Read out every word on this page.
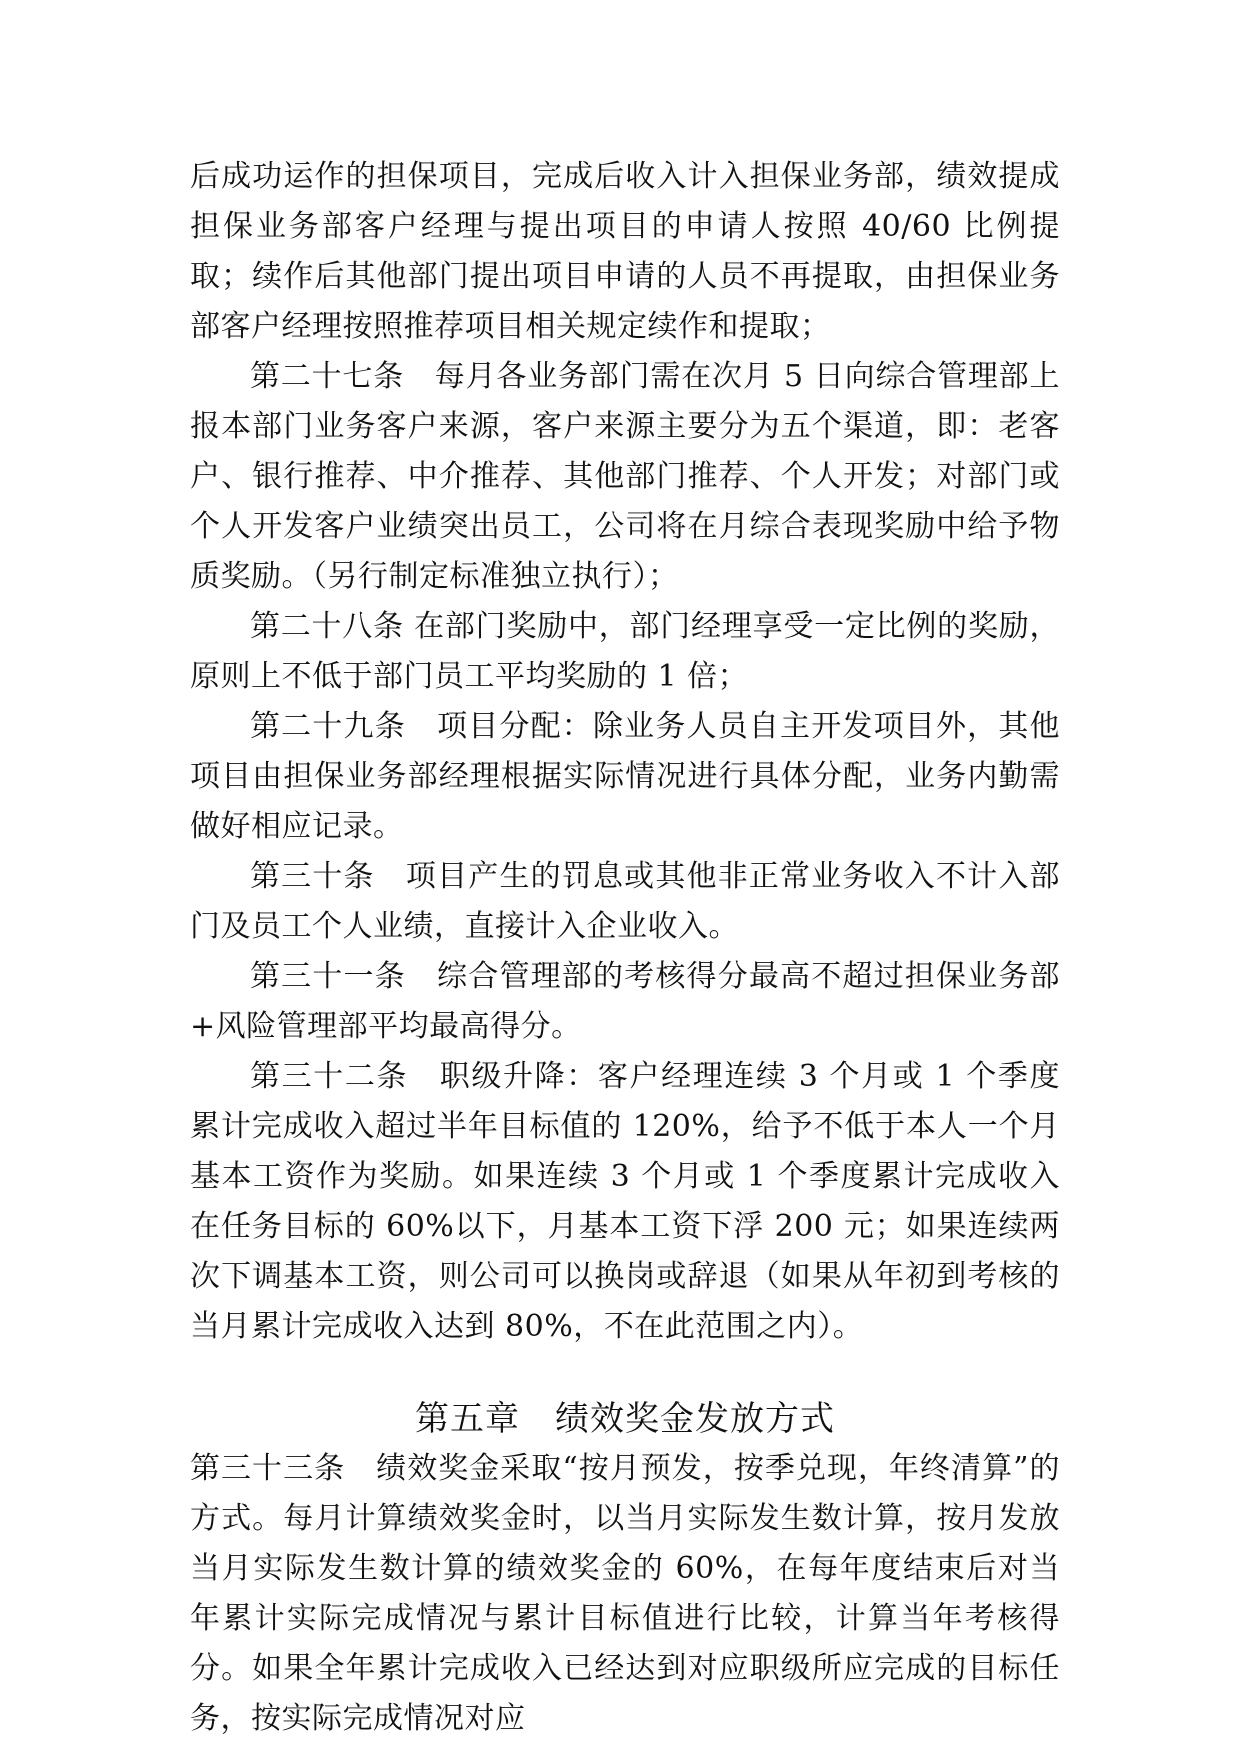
后成功运作的担保项目，完成后收入计入担保业务部，绩效提成担保业务部客户经理与提出项目的申请人按照 40/60 比例提取；续作后其他部门提出项目申请的人员不再提取，由担保业务部客户经理按照推荐项目相关规定续作和提取；

第二十七条　每月各业务部门需在次月 5 日向综合管理部上报本部门业务客户来源，客户来源主要分为五个渠道，即：老客户、银行推荐、中介推荐、其他部门推荐、个人开发；对部门或个人开发客户业绩突出员工，公司将在月综合表现奖励中给予物质奖励。（另行制定标准独立执行）；

第二十八条 在部门奖励中，部门经理享受一定比例的奖励，原则上不低于部门员工平均奖励的 1 倍；

第二十九条　项目分配：除业务人员自主开发项目外，其他项目由担保业务部经理根据实际情况进行具体分配，业务内勤需做好相应记录。

第三十条　项目产生的罚息或其他非正常业务收入不计入部门及员工个人业绩，直接计入企业收入。

第三十一条　综合管理部的考核得分最高不超过担保业务部+风险管理部平均最高得分。

第三十二条　职级升降：客户经理连续 3 个月或 1 个季度累计完成收入超过半年目标值的 120%，给予不低于本人一个月基本工资作为奖励。如果连续 3 个月或 1 个季度累计完成收入在任务目标的 60%以下，月基本工资下浮 200 元；如果连续两次下调基本工资，则公司可以换岗或辞退（如果从年初到考核的当月累计完成收入达到 80%，不在此范围之内）。

第五章　绩效奖金发放方式

第三十三条　绩效奖金采取“按月预发，按季兑现，年终清算”的方式。每月计算绩效奖金时，以当月实际发生数计算，按月发放当月实际发生数计算的绩效奖金的 60%，在每年度结束后对当年累计实际完成情况与累计目标值进行比较，计算当年考核得分。如果全年累计完成收入已经达到对应职级所应完成的目标任务，按实际完成情况对应
